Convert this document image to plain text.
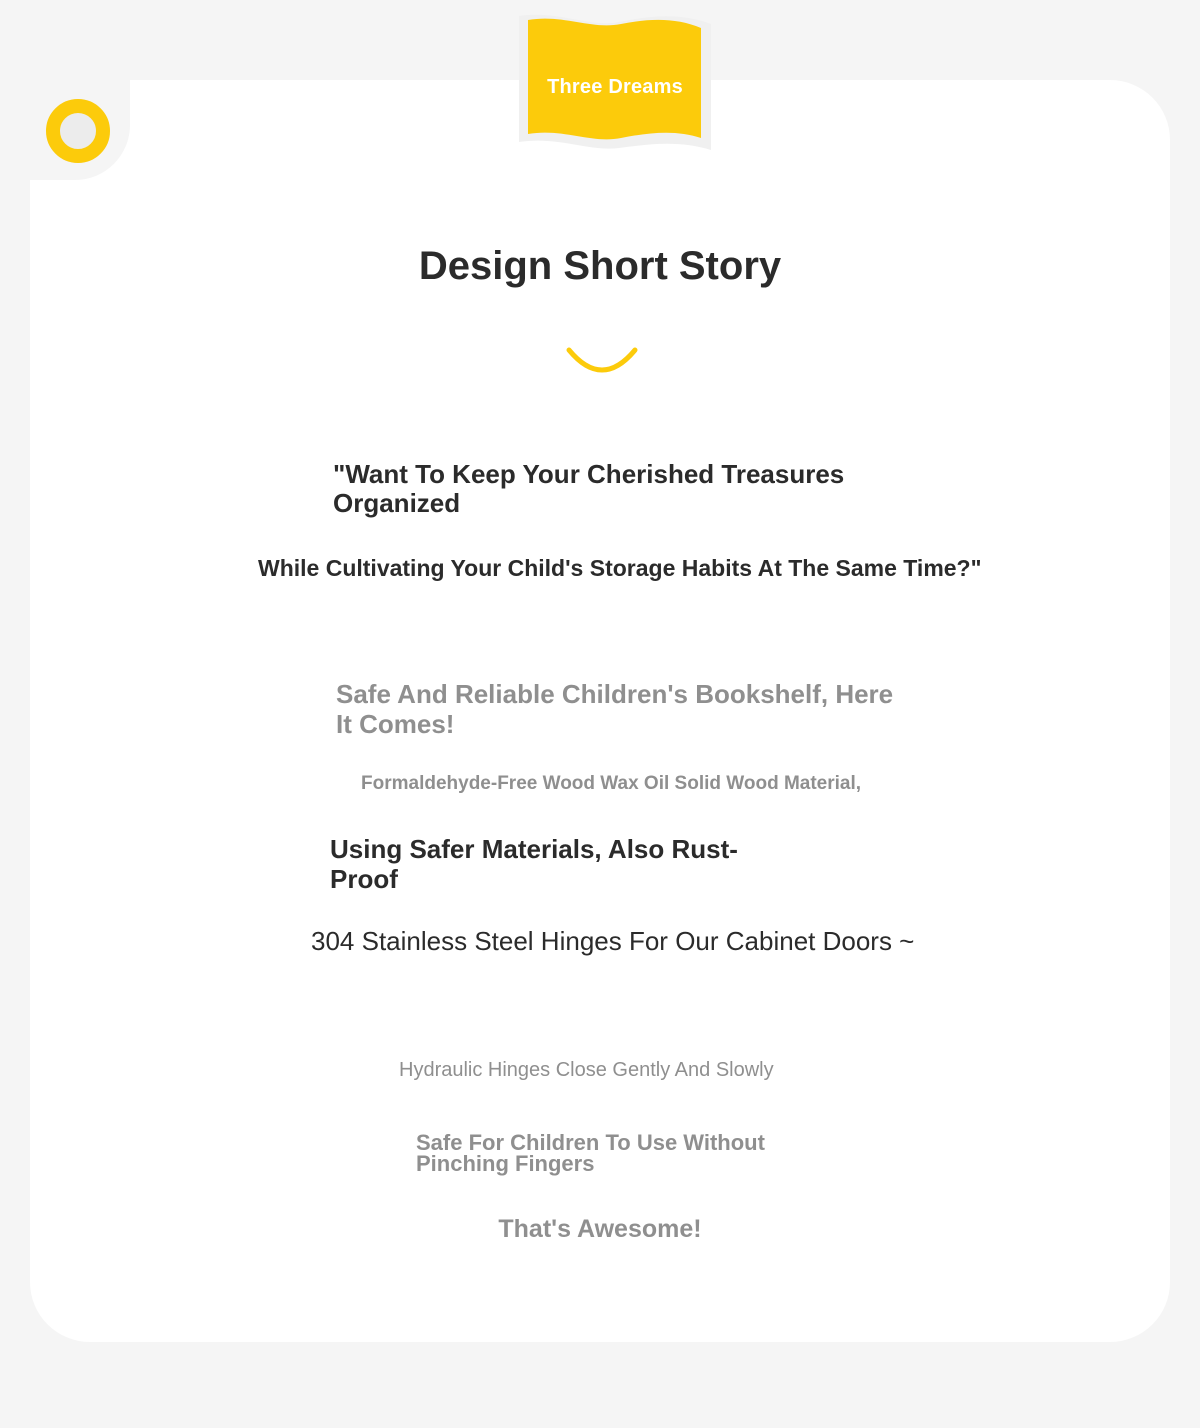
Three Dreams
Design Short Story
"Want To Keep Your Cherished Treasures Organized
While Cultivating Your Child's Storage Habits At The Same Time?"
Safe And Reliable Children's Bookshelf, Here It Comes!
Formaldehyde-Free Wood Wax Oil Solid Wood Material,
Using Safer Materials, Also Rust-Proof
304 Stainless Steel Hinges For Our Cabinet Doors ~
Hydraulic Hinges Close Gently And Slowly
Safe For Children To Use Without Pinching Fingers
That's Awesome!
